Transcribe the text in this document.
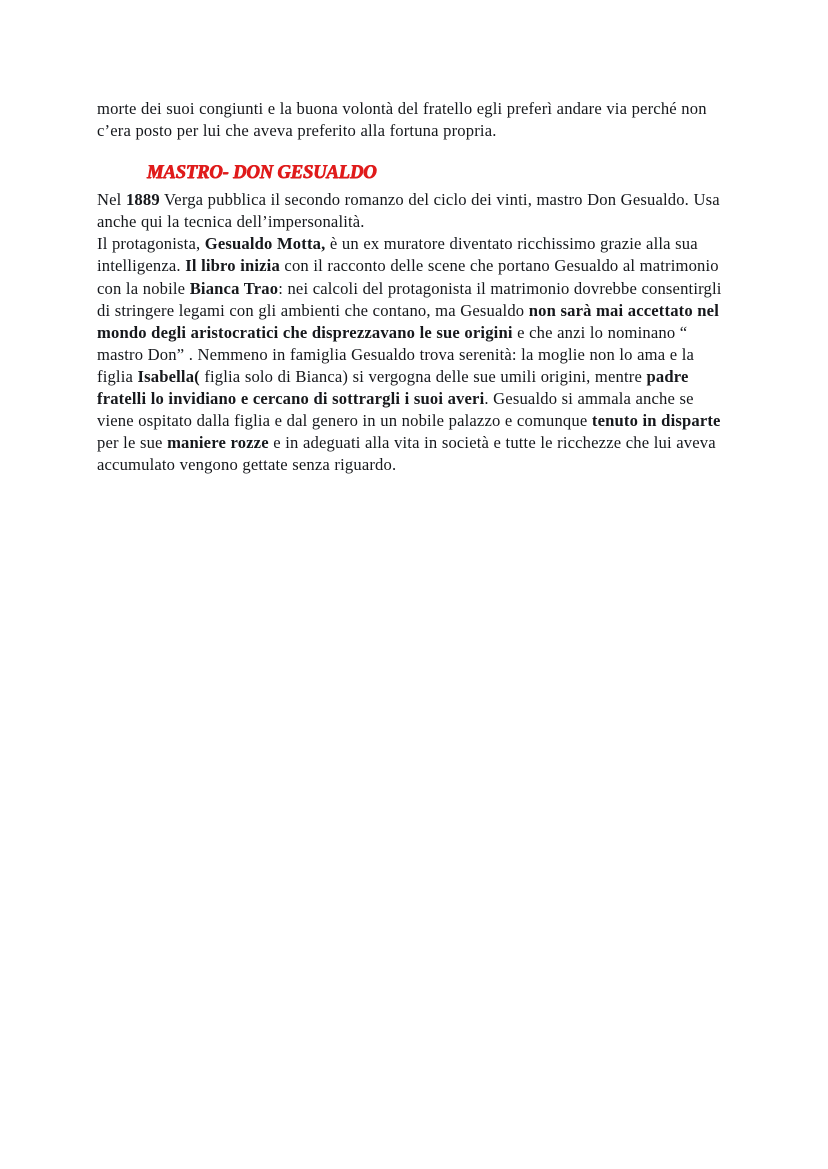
morte dei suoi congiunti e la buona volontà del fratello egli preferì andare via perché non c’era posto per lui che aveva preferito alla fortuna propria.

MASTRO- DON GESUALDO

Nel 1889 Verga pubblica il secondo romanzo del ciclo dei vinti, mastro Don Gesualdo. Usa anche qui la tecnica dell’impersonalità.

Il protagonista, Gesualdo Motta, è un ex muratore diventato ricchissimo grazie alla sua intelligenza. Il libro inizia con il racconto delle scene che portano Gesualdo al matrimonio con la nobile Bianca Trao: nei calcoli del protagonista il matrimonio dovrebbe consentirgli di stringere legami con gli ambienti che contano, ma Gesualdo non sarà mai accettato nel mondo degli aristocratici che disprezzavano le sue origini e che anzi lo nominano “ mastro Don” . Nemmeno in famiglia Gesualdo trova serenità: la moglie non lo ama e la figlia Isabella( figlia solo di Bianca) si vergogna delle sue umili origini, mentre padre fratelli lo invidiano e cercano di sottrargli i suoi averi. Gesualdo si ammala anche se viene ospitato dalla figlia e dal genero in un nobile palazzo e comunque tenuto in disparte per le sue maniere rozze e in adeguati alla vita in società e tutte le ricchezze che lui aveva accumulato vengono gettate senza riguardo.
